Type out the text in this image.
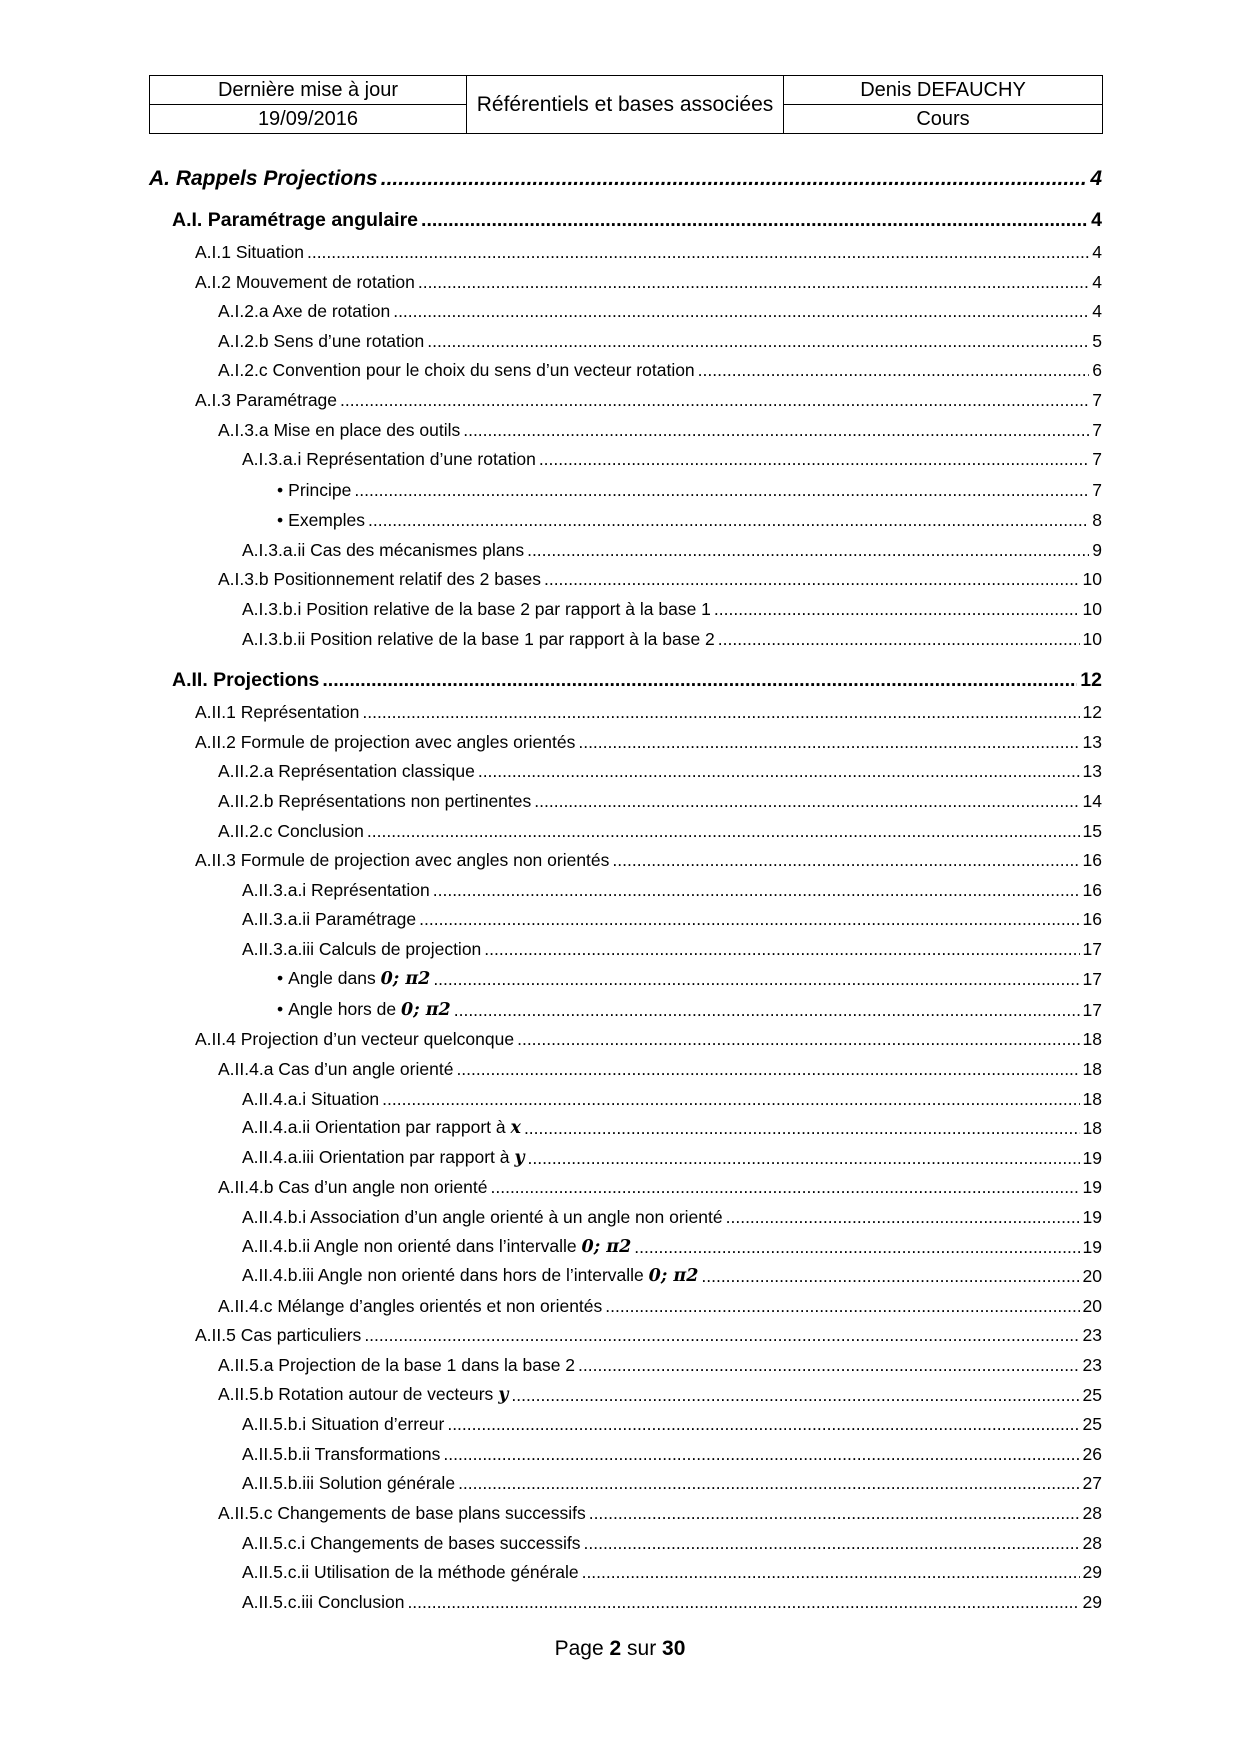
Dernière mise à jour	Référentiels et bases associées	Denis DEFAUCHY
19/09/2016		Cours
A. Rappels Projections .....	4
A.I. Paramétrage angulaire .....	4
A.I.1 Situation .....	4
A.I.2 Mouvement de rotation .....	4
A.I.2.a Axe de rotation .....	4
A.I.2.b Sens d’une rotation .....	5
A.I.2.c Convention pour le choix du sens d’un vecteur rotation .....	6
A.I.3 Paramétrage .....	7
A.I.3.a Mise en place des outils .....	7
A.I.3.a.i Représentation d’une rotation .....	7
• Principe .....	7
• Exemples .....	8
A.I.3.a.ii Cas des mécanismes plans .....	9
A.I.3.b Positionnement relatif des 2 bases .....	10
A.I.3.b.i Position relative de la base 2 par rapport à la base 1 .....	10
A.I.3.b.ii Position relative de la base 1 par rapport à la base 2 .....	10
A.II. Projections .....	12
A.II.1 Représentation .....	12
A.II.2 Formule de projection avec angles orientés .....	13
A.II.2.a Représentation classique .....	13
A.II.2.b Représentations non pertinentes .....	14
A.II.2.c Conclusion .....	15
A.II.3 Formule de projection avec angles non orientés .....	16
A.II.3.a.i Représentation .....	16
A.II.3.a.ii Paramétrage .....	16
A.II.3.a.iii Calculs de projection .....	17
• Angle dans 0; π2 .....	17
• Angle hors de 0; π2 .....	17
A.II.4 Projection d’un vecteur quelconque .....	18
A.II.4.a Cas d’un angle orienté .....	18
A.II.4.a.i Situation .....	18
A.II.4.a.ii Orientation par rapport à x .....	18
A.II.4.a.iii Orientation par rapport à y .....	19
A.II.4.b Cas d’un angle non orienté .....	19
A.II.4.b.i Association d’un angle orienté à un angle non orienté .....	19
A.II.4.b.ii Angle non orienté dans l’intervalle 0; π2 .....	19
A.II.4.b.iii Angle non orienté dans hors de l’intervalle 0; π2 .....	20
A.II.4.c Mélange d’angles orientés et non orientés .....	20
A.II.5 Cas particuliers .....	23
A.II.5.a Projection de la base 1 dans la base 2 .....	23
A.II.5.b Rotation autour de vecteurs y .....	25
A.II.5.b.i Situation d’erreur .....	25
A.II.5.b.ii Transformations .....	26
A.II.5.b.iii Solution générale .....	27
A.II.5.c Changements de base plans successifs .....	28
A.II.5.c.i Changements de bases successifs .....	28
A.II.5.c.ii Utilisation de la méthode générale .....	29
A.II.5.c.iii Conclusion .....	29
Page 2 sur 30
